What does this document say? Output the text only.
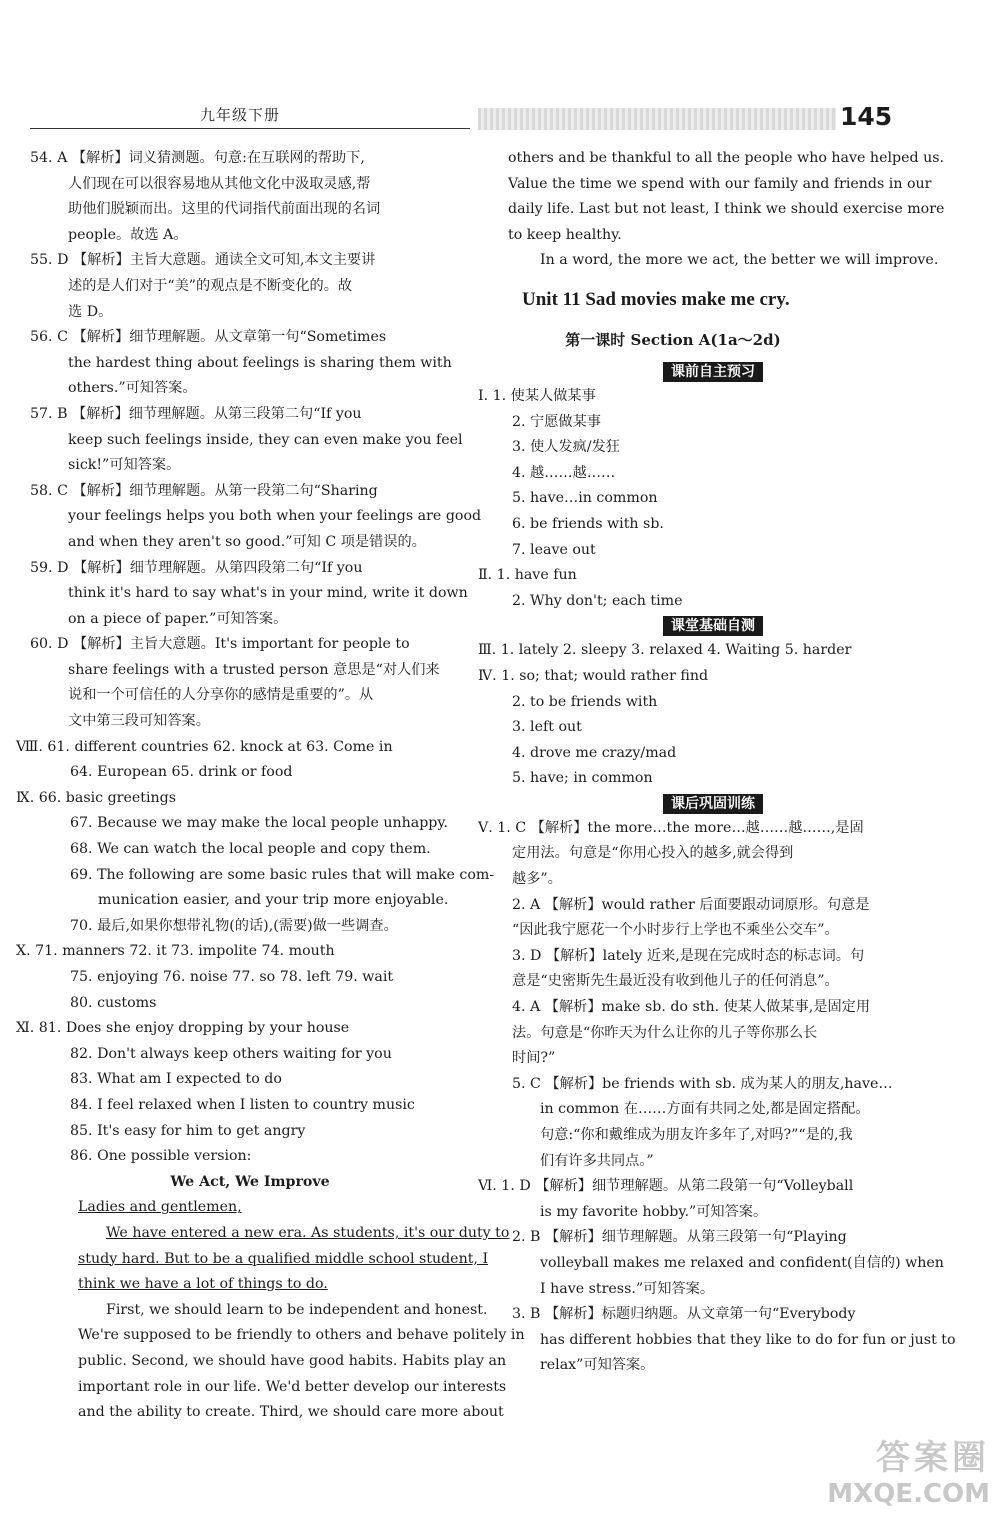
九年级下册	145
54. A 【解析】词义猜测题。句意:在互联网的帮助下,
人们现在可以很容易地从其他文化中汲取灵感,帮
助他们脱颖而出。这里的代词指代前面出现的名词
people。故选 A。
55. D 【解析】主旨大意题。通读全文可知,本文主要讲
述的是人们对于“美”的观点是不断变化的。故
选 D。
56. C 【解析】细节理解题。从文章第一句“Sometimes
the hardest thing about feelings is sharing them with
others.”可知答案。
57. B 【解析】细节理解题。从第三段第二句“If you
keep such feelings inside, they can even make you feel
sick!”可知答案。
58. C 【解析】细节理解题。从第一段第二句“Sharing
your feelings helps you both when your feelings are good
and when they aren't so good.”可知 C 项是错误的。
59. D 【解析】细节理解题。从第四段第二句“If you
think it's hard to say what's in your mind, write it down
on a piece of paper.”可知答案。
60. D 【解析】主旨大意题。It's important for people to
share feelings with a trusted person 意思是“对人们来
说和一个可信任的人分享你的感情是重要的”。从
文中第三段可知答案。
Ⅷ. 61. different countries 62. knock at 63. Come in
64. European 65. drink or food
Ⅸ. 66. basic greetings
67. Because we may make the local people unhappy.
68. We can watch the local people and copy them.
69. The following are some basic rules that will make com-
munication easier, and your trip more enjoyable.
70. 最后,如果你想带礼物(的话),(需要)做一些调查。
Ⅹ. 71. manners 72. it 73. impolite 74. mouth
75. enjoying 76. noise 77. so 78. left 79. wait
80. customs
Ⅺ. 81. Does she enjoy dropping by your house
82. Don't always keep others waiting for you
83. What am I expected to do
84. I feel relaxed when I listen to country music
85. It's easy for him to get angry
86. One possible version:
We Act, We Improve
Ladies and gentlemen,
We have entered a new era. As students, it's our duty to
study hard. But to be a qualified middle school student, I
think we have a lot of things to do.
First, we should learn to be independent and honest.
We're supposed to be friendly to others and behave politely in
public. Second, we should have good habits. Habits play an
important role in our life. We'd better develop our interests
and the ability to create. Third, we should care more about
others and be thankful to all the people who have helped us.
Value the time we spend with our family and friends in our
daily life. Last but not least, I think we should exercise more
to keep healthy.
In a word, the more we act, the better we will improve.
Unit 11 Sad movies make me cry.
第一课时 Section A(1a～2d)
课前自主预习
Ⅰ. 1. 使某人做某事
2. 宁愿做某事
3. 使人发疯/发狂
4. 越……越……
5. have…in common
6. be friends with sb.
7. leave out
Ⅱ. 1. have fun
2. Why don't; each time
课堂基础自测
Ⅲ. 1. lately 2. sleepy 3. relaxed 4. Waiting 5. harder
Ⅳ. 1. so; that; would rather find
2. to be friends with
3. left out
4. drove me crazy/mad
5. have; in common
课后巩固训练
Ⅴ. 1. C 【解析】the more…the more…越……越……,是固
定用法。句意是“你用心投入的越多,就会得到
越多”。
2. A 【解析】would rather 后面要跟动词原形。句意是
“因此我宁愿花一个小时步行上学也不乘坐公交车”。
3. D 【解析】lately 近来,是现在完成时态的标志词。句
意是“史密斯先生最近没有收到他儿子的任何消息”。
4. A 【解析】make sb. do sth. 使某人做某事,是固定用
法。句意是“你昨天为什么让你的儿子等你那么长
时间?”
5. C 【解析】be friends with sb. 成为某人的朋友,have…
in common 在……方面有共同之处,都是固定搭配。
句意:“你和戴维成为朋友许多年了,对吗?”“是的,我
们有许多共同点。”
Ⅵ. 1. D 【解析】细节理解题。从第二段第一句“Volleyball
is my favorite hobby.”可知答案。
2. B 【解析】细节理解题。从第三段第一句“Playing
volleyball makes me relaxed and confident(自信的) when
I have stress.”可知答案。
3. B 【解析】标题归纳题。从文章第一句“Everybody
has different hobbies that they like to do for fun or just to
relax”可知答案。
答案圈
MXQE.COM
